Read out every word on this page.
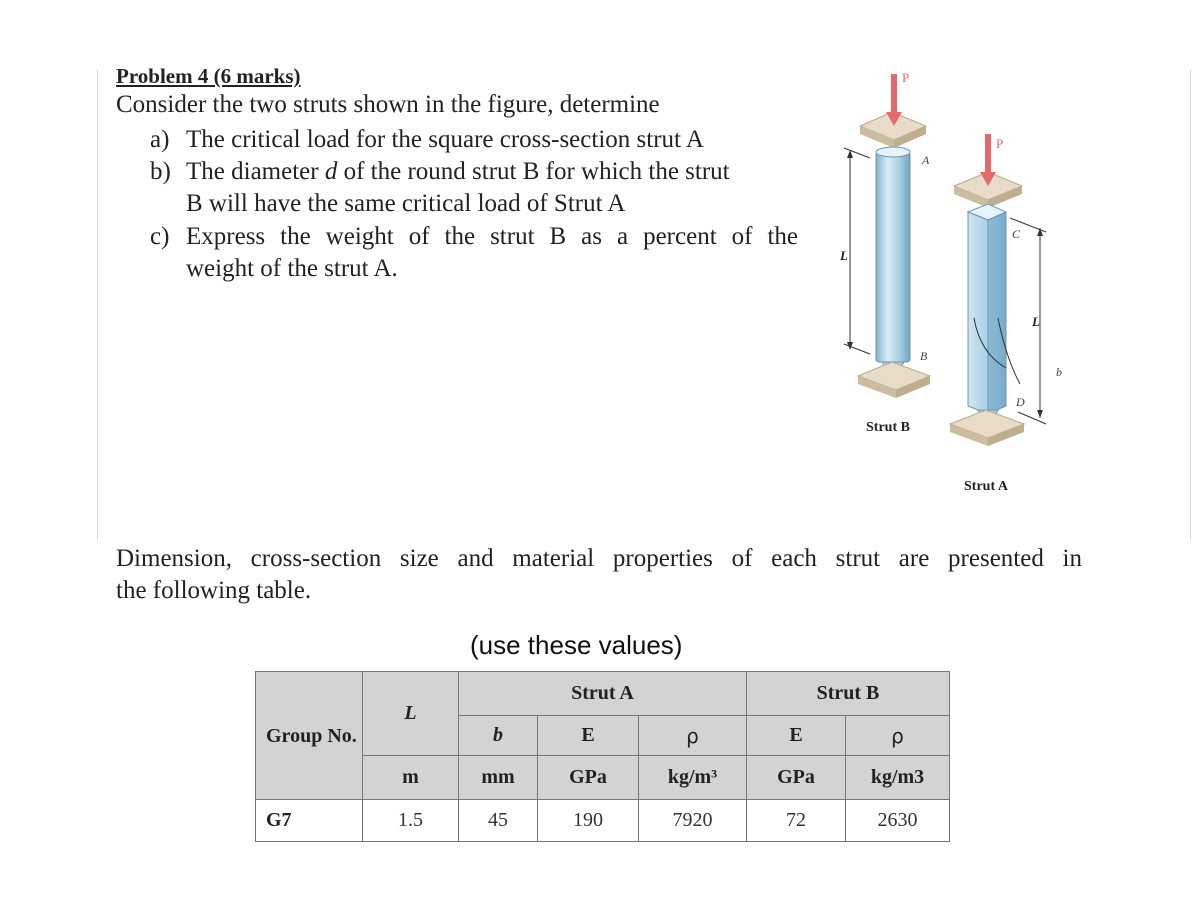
Problem 4 (6 marks)
Consider the two struts shown in the figure, determine
a) The critical load for the square cross-section strut A
b) The diameter d of the round strut B for which the strut
B will have the same critical load of Strut A
c) Express the weight of the strut B as a percent of the
weight of the strut A.
P
A
L
B
Strut B
P
C
L
b
D
Strut A
Dimension, cross-section size and material properties of each strut are presented in
the following table.
(use these values)
Group No.	L	Strut A			Strut B	
		b	E	ρ	E	ρ
	m	mm	GPa	kg/m³	GPa	kg/m3
G7	1.5	45	190	7920	72	2630
